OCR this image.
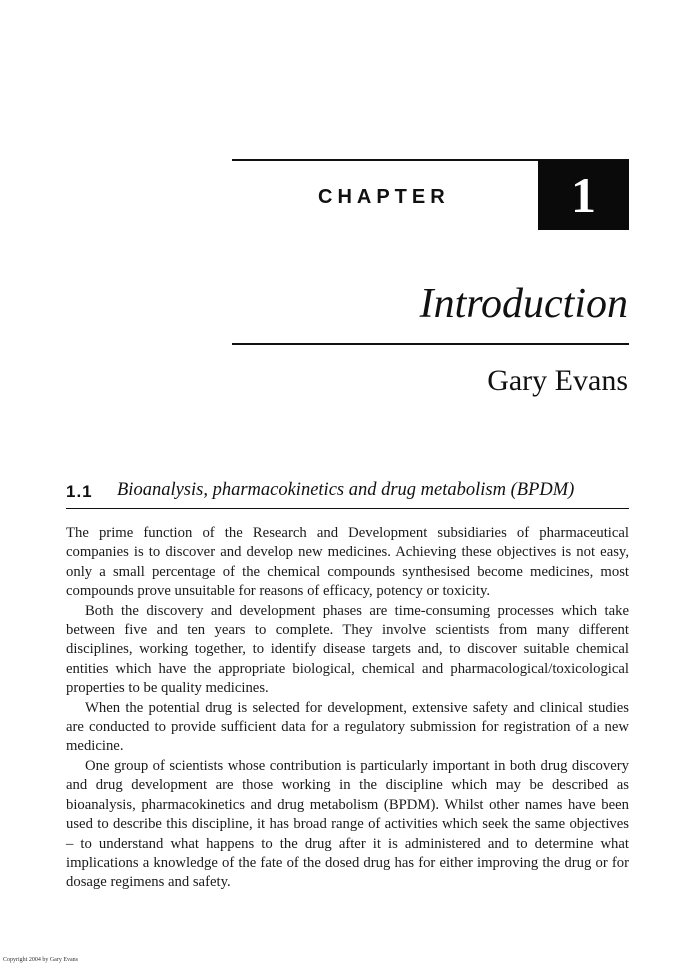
CHAPTER	1
Introduction
Gary Evans
1.1 Bioanalysis, pharmacokinetics and drug metabolism (BPDM)

The prime function of the Research and Development subsidiaries of pharmaceutical companies is to discover and develop new medicines. Achieving these objectives is not easy, only a small percentage of the chemical compounds synthesised become medicines, most compounds prove unsuitable for reasons of efficacy, potency or toxicity.

Both the discovery and development phases are time-consuming processes which take between five and ten years to complete. They involve scientists from many different disciplines, working together, to identify disease targets and, to discover suitable chemical entities which have the appropriate biological, chemical and pharmacological/toxicological properties to be quality medicines.

When the potential drug is selected for development, extensive safety and clinical studies are conducted to provide sufficient data for a regulatory submission for registration of a new medicine.

One group of scientists whose contribution is particularly important in both drug discovery and drug development are those working in the discipline which may be described as bioanalysis, pharmacokinetics and drug metabolism (BPDM). Whilst other names have been used to describe this discipline, it has broad range of activities which seek the same objectives – to understand what happens to the drug after it is administered and to determine what implications a knowledge of the fate of the dosed drug has for either improving the drug or for dosage regimens and safety.

Copyright 2004 by Gary Evans
